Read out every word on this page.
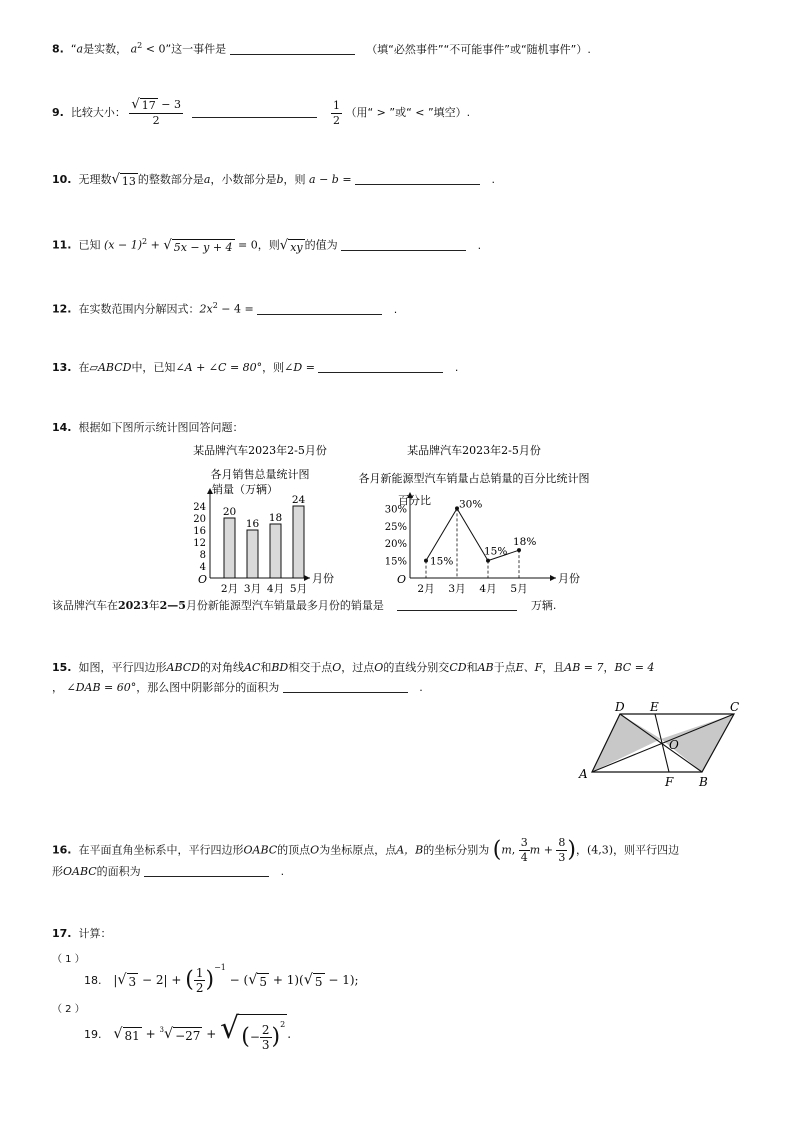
8. “a是实数， $a^2 < 0$”这一事件是	（填“必然事件”“不可能事件”或“随机事件”）.
9. 比较大小： $\frac{√ 17 - 3}{2}$
	$\frac{1}{2}$ （用“ > ”或“ < ”填空）.
10. 无理数 √ 13 的整数部分是a，小数部分是b，则 a − b =	.
11. 已知 $(x - 1)^2$ + √ 5x − y + 4 = 0，则 √ xy 的值为	.
12. 在实数范围内分解因式：$2x^2 - 4$ =	.
13. 在▱ABCD中，已知∠A + ∠C = 80°，则∠D =	.
14. 根据如下图所示统计图回答问题：
某品牌汽车2023年2-5月份
各月销售总量统计图
销量（万辆）
月份
O
4
8
12
16
20
24 20
2月
16
3月
18
4月
24
5月
某品牌汽车2023年2-5月份
各月新能源型汽车销量占总销量的百分比统计图
百分比
月份
O
15%
20%
25%
30%
15%
2月
30%
3月
15%
4月
18%
5月
该品牌汽车在2023年2—5月份新能源型汽车销量最多月份的销量是	万辆.
15. 如图，平行四边形ABCD的对角线AC和BD相交于点O，过点O的直线分别交CD和AB于点E、F，且AB = 7，BC = 4
， ∠DAB = 60°，那么图中阴影部分的面积为	.
D E	C
O
A
F B
16. 在平面直角坐标系中，平行四边形OABC的顶点O为坐标原点，点A，B的坐标分别为 (m, $\frac{3}{4}$ $m + \frac{8}{3}$ )，(4,3)，则平行四边
形OABC的面积为	.
17. 计算：
（ 1 ）
18. | √ 3 − 2| + ( $\frac{1}{2} )^{-1}$ − ( √ 5 + 1)( √ 5 − 1);
（ 2 ）
19. √ 81 + $^3$ √ −27 + √ (− $\frac{2}{3} )^2$
.
